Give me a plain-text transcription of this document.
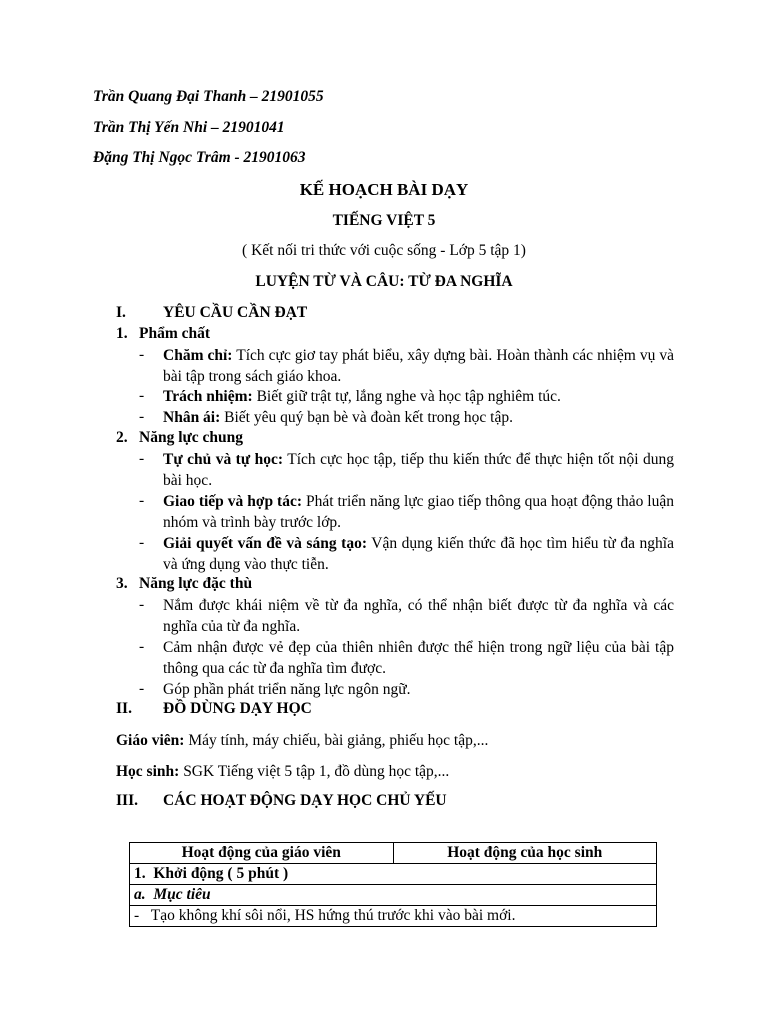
Trần Quang Đại Thanh – 21901055
Trần Thị Yến Nhi – 21901041
Đặng Thị Ngọc Trâm - 21901063
KẾ HOẠCH BÀI DẠY
TIẾNG VIỆT 5
( Kết nối tri thức với cuộc sống - Lớp 5 tập 1)
LUYỆN TỪ VÀ CÂU: TỪ ĐA NGHĨA
I. YÊU CẦU CẦN ĐẠT
1. Phẩm chất
- Chăm chỉ: Tích cực giơ tay phát biểu, xây dựng bài. Hoàn thành các nhiệm vụ và bài tập trong sách giáo khoa.
- Trách nhiệm: Biết giữ trật tự, lắng nghe và học tập nghiêm túc.
- Nhân ái: Biết yêu quý bạn bè và đoàn kết trong học tập.
2. Năng lực chung
- Tự chủ và tự học: Tích cực học tập, tiếp thu kiến thức để thực hiện tốt nội dung bài học.
- Giao tiếp và hợp tác: Phát triển năng lực giao tiếp thông qua hoạt động thảo luận nhóm và trình bày trước lớp.
- Giải quyết vấn đề và sáng tạo: Vận dụng kiến thức đã học tìm hiểu từ đa nghĩa và ứng dụng vào thực tiễn.
3. Năng lực đặc thù
- Nắm được khái niệm về từ đa nghĩa, có thể nhận biết được từ đa nghĩa và các nghĩa của từ đa nghĩa.
- Cảm nhận được vẻ đẹp của thiên nhiên được thể hiện trong ngữ liệu của bài tập thông qua các từ đa nghĩa tìm được.
- Góp phần phát triển năng lực ngôn ngữ.
II. ĐỒ DÙNG DẠY HỌC
Giáo viên: Máy tính, máy chiếu, bài giảng, phiếu học tập,...
Học sinh: SGK Tiếng việt 5 tập 1, đồ dùng học tập,...
III. CÁC HOẠT ĐỘNG DẠY HỌC CHỦ YẾU
Hoạt động của giáo viên	Hoạt động của học sinh
1. Khởi động ( 5 phút )
a. Mục tiêu
- Tạo không khí sôi nổi, HS hứng thú trước khi vào bài mới.
